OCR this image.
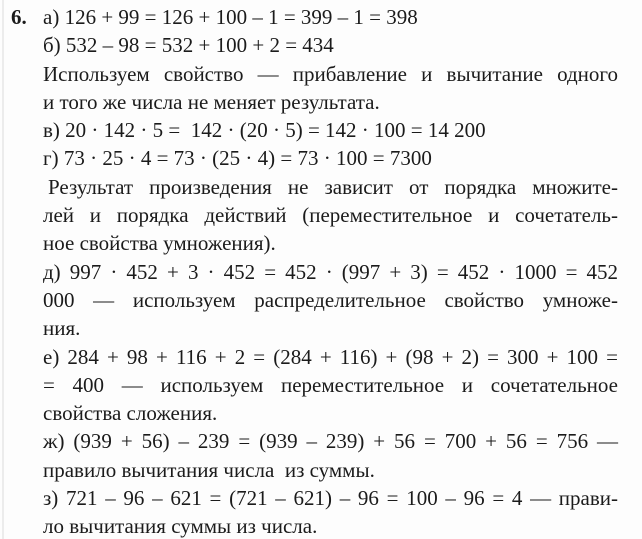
6. а) 126 + 99 = 126 + 100 – 1 = 399 – 1 = 398
б) 532 – 98 = 532 + 100 + 2 = 434
Используем свойство — прибавление и вычитание одного
и того же числа не меняет результата.
в) 20 · 142 · 5 =  142 · (20 · 5) = 142 · 100 = 14 200
г) 73 · 25 · 4 = 73 · (25 · 4) = 73 · 100 = 7300
Результат произведения не зависит от порядка множите-
лей и порядка действий (переместительное и сочетатель-
ное свойства умножения).
д) 997 · 452 + 3 · 452 = 452 · (997 + 3) = 452 · 1000 = 452
000 — используем распределительное свойство умноже-
ния.
е) 284 + 98 + 116 + 2 = (284 + 116) + (98 + 2) = 300 + 100 =
= 400 — используем переместительное и сочетательное
свойства сложения.
ж) (939 + 56) – 239 = (939 – 239) + 56 = 700 + 56 = 756 —
правило вычитания числа  из суммы.
з) 721 – 96 – 621 = (721 – 621) – 96 = 100 – 96 = 4 — прави-
ло вычитания суммы из числа.
